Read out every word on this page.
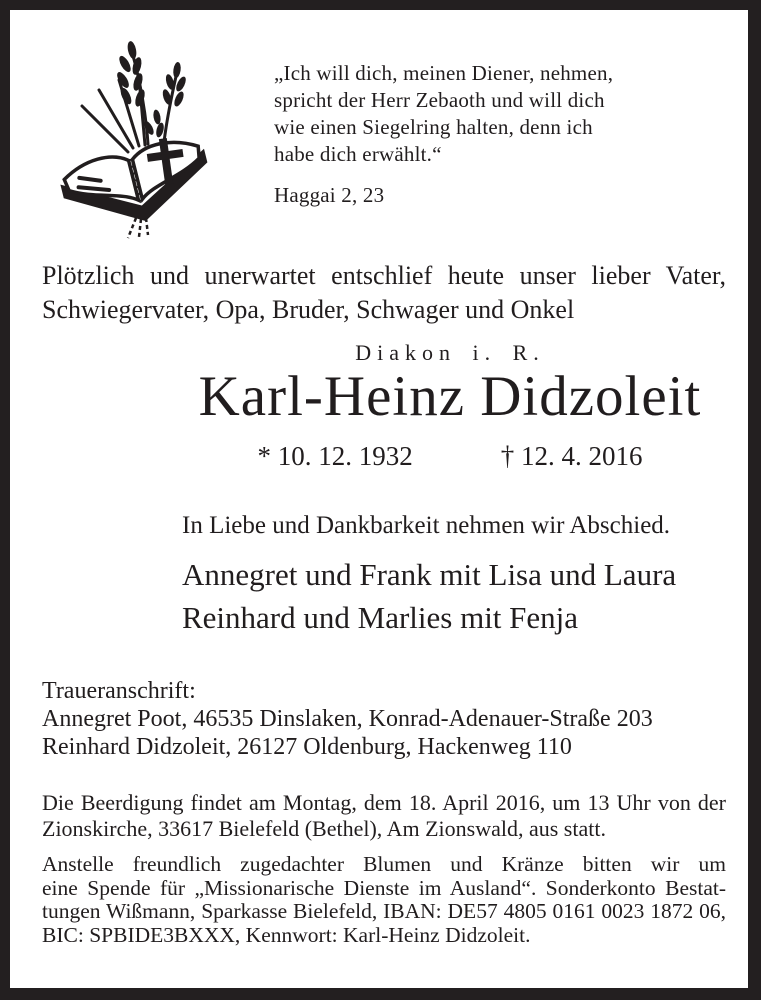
„Ich will dich, meinen Diener, nehmen,
spricht der Herr Zebaoth und will dich
wie einen Siegelring halten, denn ich
habe dich erwählt.“
Haggai 2, 23
Plötzlich und unerwartet entschlief heute unser lieber Vater,
Schwiegervater, Opa, Bruder, Schwager und Onkel
Diakon i. R.
Karl-Heinz Didzoleit
* 10. 12. 1932	† 12. 4. 2016
In Liebe und Dankbarkeit nehmen wir Abschied.
Annegret und Frank mit Lisa und Laura
Reinhard und Marlies mit Fenja
Traueranschrift:
Annegret Poot, 46535 Dinslaken, Konrad-Adenauer-Straße 203
Reinhard Didzoleit, 26127 Oldenburg, Hackenweg 110
Die Beerdigung findet am Montag, dem 18. April 2016, um 13 Uhr von der
Zionskirche, 33617 Bielefeld (Bethel), Am Zionswald, aus statt.
Anstelle freundlich zugedachter Blumen und Kränze bitten wir um
eine Spende für „Missionarische Dienste im Ausland“. Sonderkonto Bestat-
tungen Wißmann, Sparkasse Bielefeld, IBAN: DE57 4805 0161 0023 1872 06,
BIC: SPBIDE3BXXX, Kennwort: Karl-Heinz Didzoleit.
